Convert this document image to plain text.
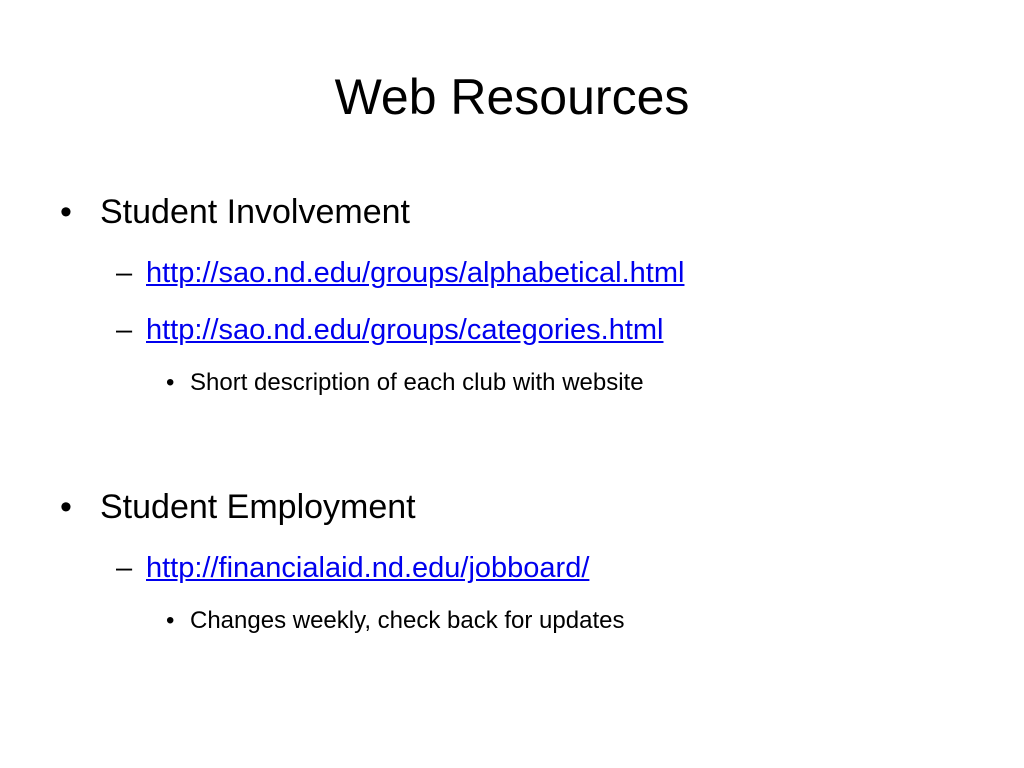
Web Resources
• Student Involvement
– http://sao.nd.edu/groups/alphabetical.html
– http://sao.nd.edu/groups/categories.html
• Short description of each club with website
• Student Employment
– http://financialaid.nd.edu/jobboard/
• Changes weekly, check back for updates
